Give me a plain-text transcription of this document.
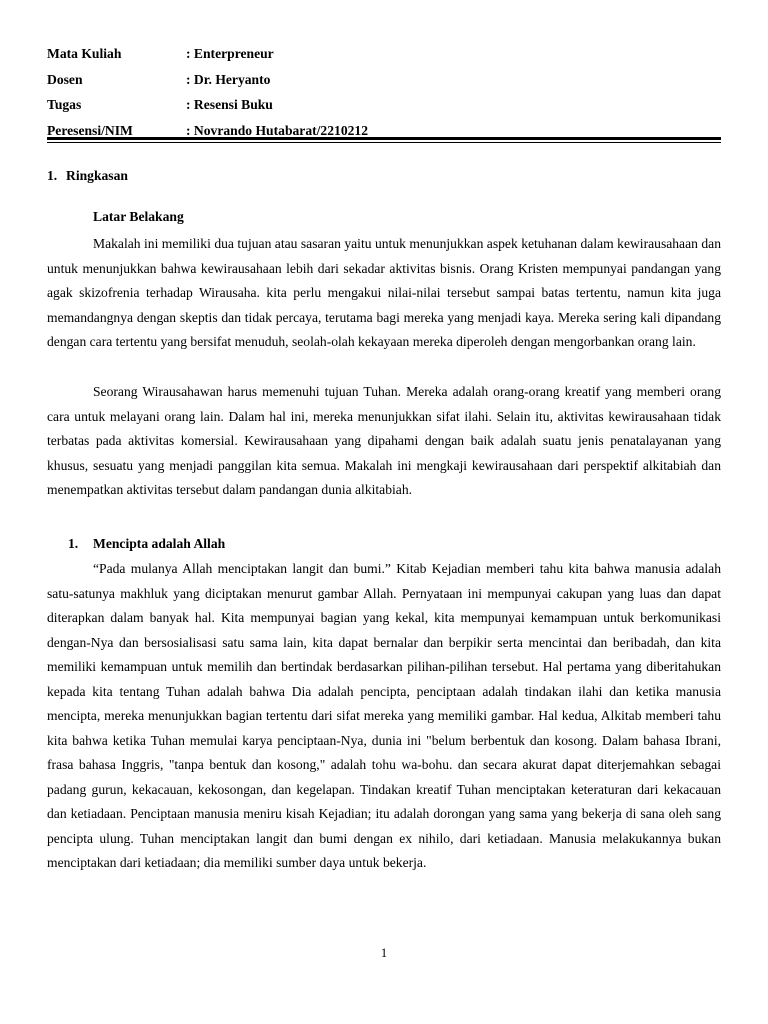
Mata Kuliah	: Enterpreneur
Dosen	: Dr. Heryanto
Tugas	: Resensi Buku
Peresensi/NIM	: Novrando Hutabarat/2210212
1. Ringkasan
Latar Belakang

Makalah ini memiliki dua tujuan atau sasaran yaitu untuk menunjukkan aspek ketuhanan dalam kewirausahaan dan untuk menunjukkan bahwa kewirausahaan lebih dari sekadar aktivitas bisnis. Orang Kristen mempunyai pandangan yang agak skizofrenia terhadap Wirausaha. kita perlu mengakui nilai-nilai tersebut sampai batas tertentu, namun kita juga memandangnya dengan skeptis dan tidak percaya, terutama bagi mereka yang menjadi kaya. Mereka sering kali dipandang dengan cara tertentu yang bersifat menuduh, seolah-olah kekayaan mereka diperoleh dengan mengorbankan orang lain.

Seorang Wirausahawan harus memenuhi tujuan Tuhan. Mereka adalah orang-orang kreatif yang memberi orang cara untuk melayani orang lain. Dalam hal ini, mereka menunjukkan sifat ilahi. Selain itu, aktivitas kewirausahaan tidak terbatas pada aktivitas komersial. Kewirausahaan yang dipahami dengan baik adalah suatu jenis penatalayanan yang khusus, sesuatu yang menjadi panggilan kita semua. Makalah ini mengkaji kewirausahaan dari perspektif alkitabiah dan menempatkan aktivitas tersebut dalam pandangan dunia alkitabiah.

1. Mencipta adalah Allah

“Pada mulanya Allah menciptakan langit dan bumi.” Kitab Kejadian memberi tahu kita bahwa manusia adalah satu-satunya makhluk yang diciptakan menurut gambar Allah. Pernyataan ini mempunyai cakupan yang luas dan dapat diterapkan dalam banyak hal. Kita mempunyai bagian yang kekal, kita mempunyai kemampuan untuk berkomunikasi dengan-Nya dan bersosialisasi satu sama lain, kita dapat bernalar dan berpikir serta mencintai dan beribadah, dan kita memiliki kemampuan untuk memilih dan bertindak berdasarkan pilihan-pilihan tersebut. Hal pertama yang diberitahukan kepada kita tentang Tuhan adalah bahwa Dia adalah pencipta, penciptaan adalah tindakan ilahi dan ketika manusia mencipta, mereka menunjukkan bagian tertentu dari sifat mereka yang memiliki gambar. Hal kedua, Alkitab memberi tahu kita bahwa ketika Tuhan memulai karya penciptaan-Nya, dunia ini "belum berbentuk dan kosong. Dalam bahasa Ibrani, frasa bahasa Inggris, "tanpa bentuk dan kosong," adalah tohu wa-bohu. dan secara akurat dapat diterjemahkan sebagai padang gurun, kekacauan, kekosongan, dan kegelapan. Tindakan kreatif Tuhan menciptakan keteraturan dari kekacauan dan ketiadaan. Penciptaan manusia meniru kisah Kejadian; itu adalah dorongan yang sama yang bekerja di sana oleh sang pencipta ulung. Tuhan menciptakan langit dan bumi dengan ex nihilo, dari ketiadaan. Manusia melakukannya bukan menciptakan dari ketiadaan; dia memiliki sumber daya untuk bekerja.

1
